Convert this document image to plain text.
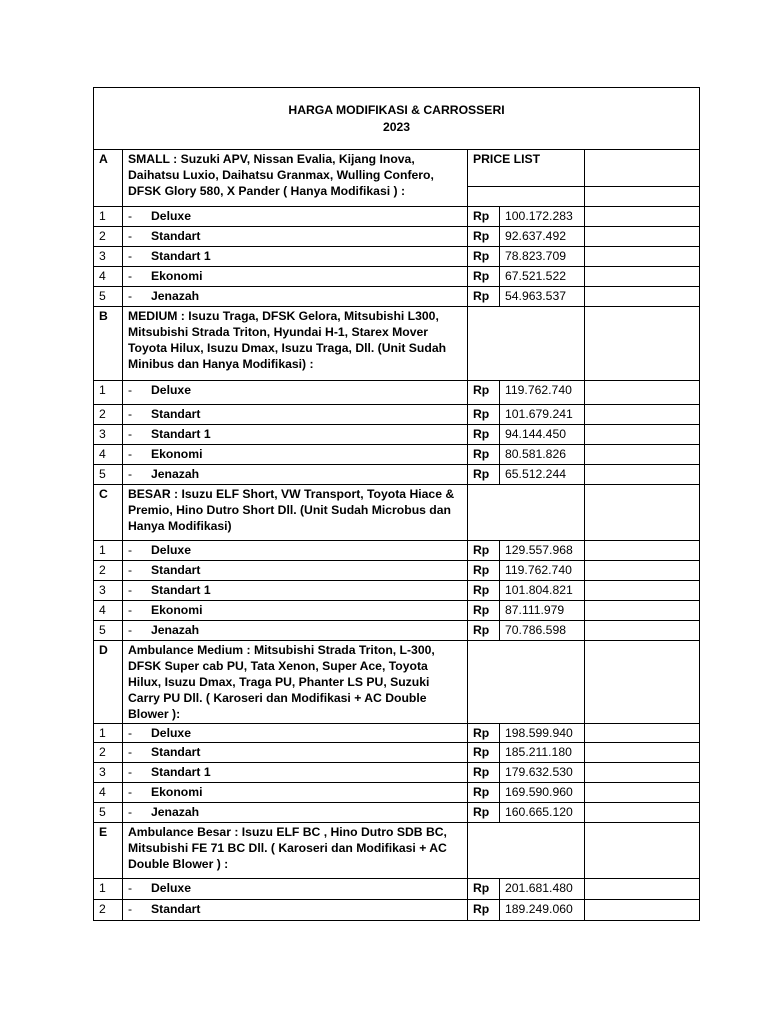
HARGA MODIFIKASI & CARROSSERI
2023				

A	SMALL : Suzuki APV, Nissan Evalia, Kijang Inova, Daihatsu Luxio, Daihatsu Granmax, Wulling Confero, DFSK Glory 580, X Pander ( Hanya Modifikasi ) :	PRICE LIST		

1	- Deluxe	Rp	100.172.283	
2	- Standart	Rp	92.637.492	
3	- Standart 1	Rp	78.823.709	
4	- Ekonomi	Rp	67.521.522	
5	- Jenazah	Rp	54.963.537	
B	MEDIUM : Isuzu Traga, DFSK Gelora, Mitsubishi L300, Mitsubishi Strada Triton, Hyundai H-1, Starex Mover Toyota Hilux, Isuzu Dmax, Isuzu Traga, Dll. (Unit Sudah Minibus dan Hanya Modifikasi) :			
1	- Deluxe	Rp	119.762.740	
2	- Standart	Rp	101.679.241	
3	- Standart 1	Rp	94.144.450	
4	- Ekonomi	Rp	80.581.826	
5	- Jenazah	Rp	65.512.244	
C	BESAR : Isuzu ELF Short, VW Transport, Toyota Hiace & Premio, Hino Dutro Short Dll. (Unit Sudah Microbus dan Hanya Modifikasi)			
1	- Deluxe	Rp	129.557.968	
2	- Standart	Rp	119.762.740	
3	- Standart 1	Rp	101.804.821	
4	- Ekonomi	Rp	87.111.979	
5	- Jenazah	Rp	70.786.598	
D	Ambulance Medium : Mitsubishi Strada Triton, L-300, DFSK Super cab PU, Tata Xenon, Super Ace, Toyota Hilux, Isuzu Dmax, Traga PU, Phanter LS PU, Suzuki Carry PU Dll. ( Karoseri dan Modifikasi + AC Double Blower ):			
1	- Deluxe	Rp	198.599.940	
2	- Standart	Rp	185.211.180	
3	- Standart 1	Rp	179.632.530	
4	- Ekonomi	Rp	169.590.960	
5	- Jenazah	Rp	160.665.120	
E	Ambulance Besar : Isuzu ELF BC , Hino Dutro SDB BC, Mitsubishi FE 71 BC Dll. ( Karoseri dan Modifikasi + AC Double Blower ) :			
1	- Deluxe	Rp	201.681.480	
2	- Standart	Rp	189.249.060	
